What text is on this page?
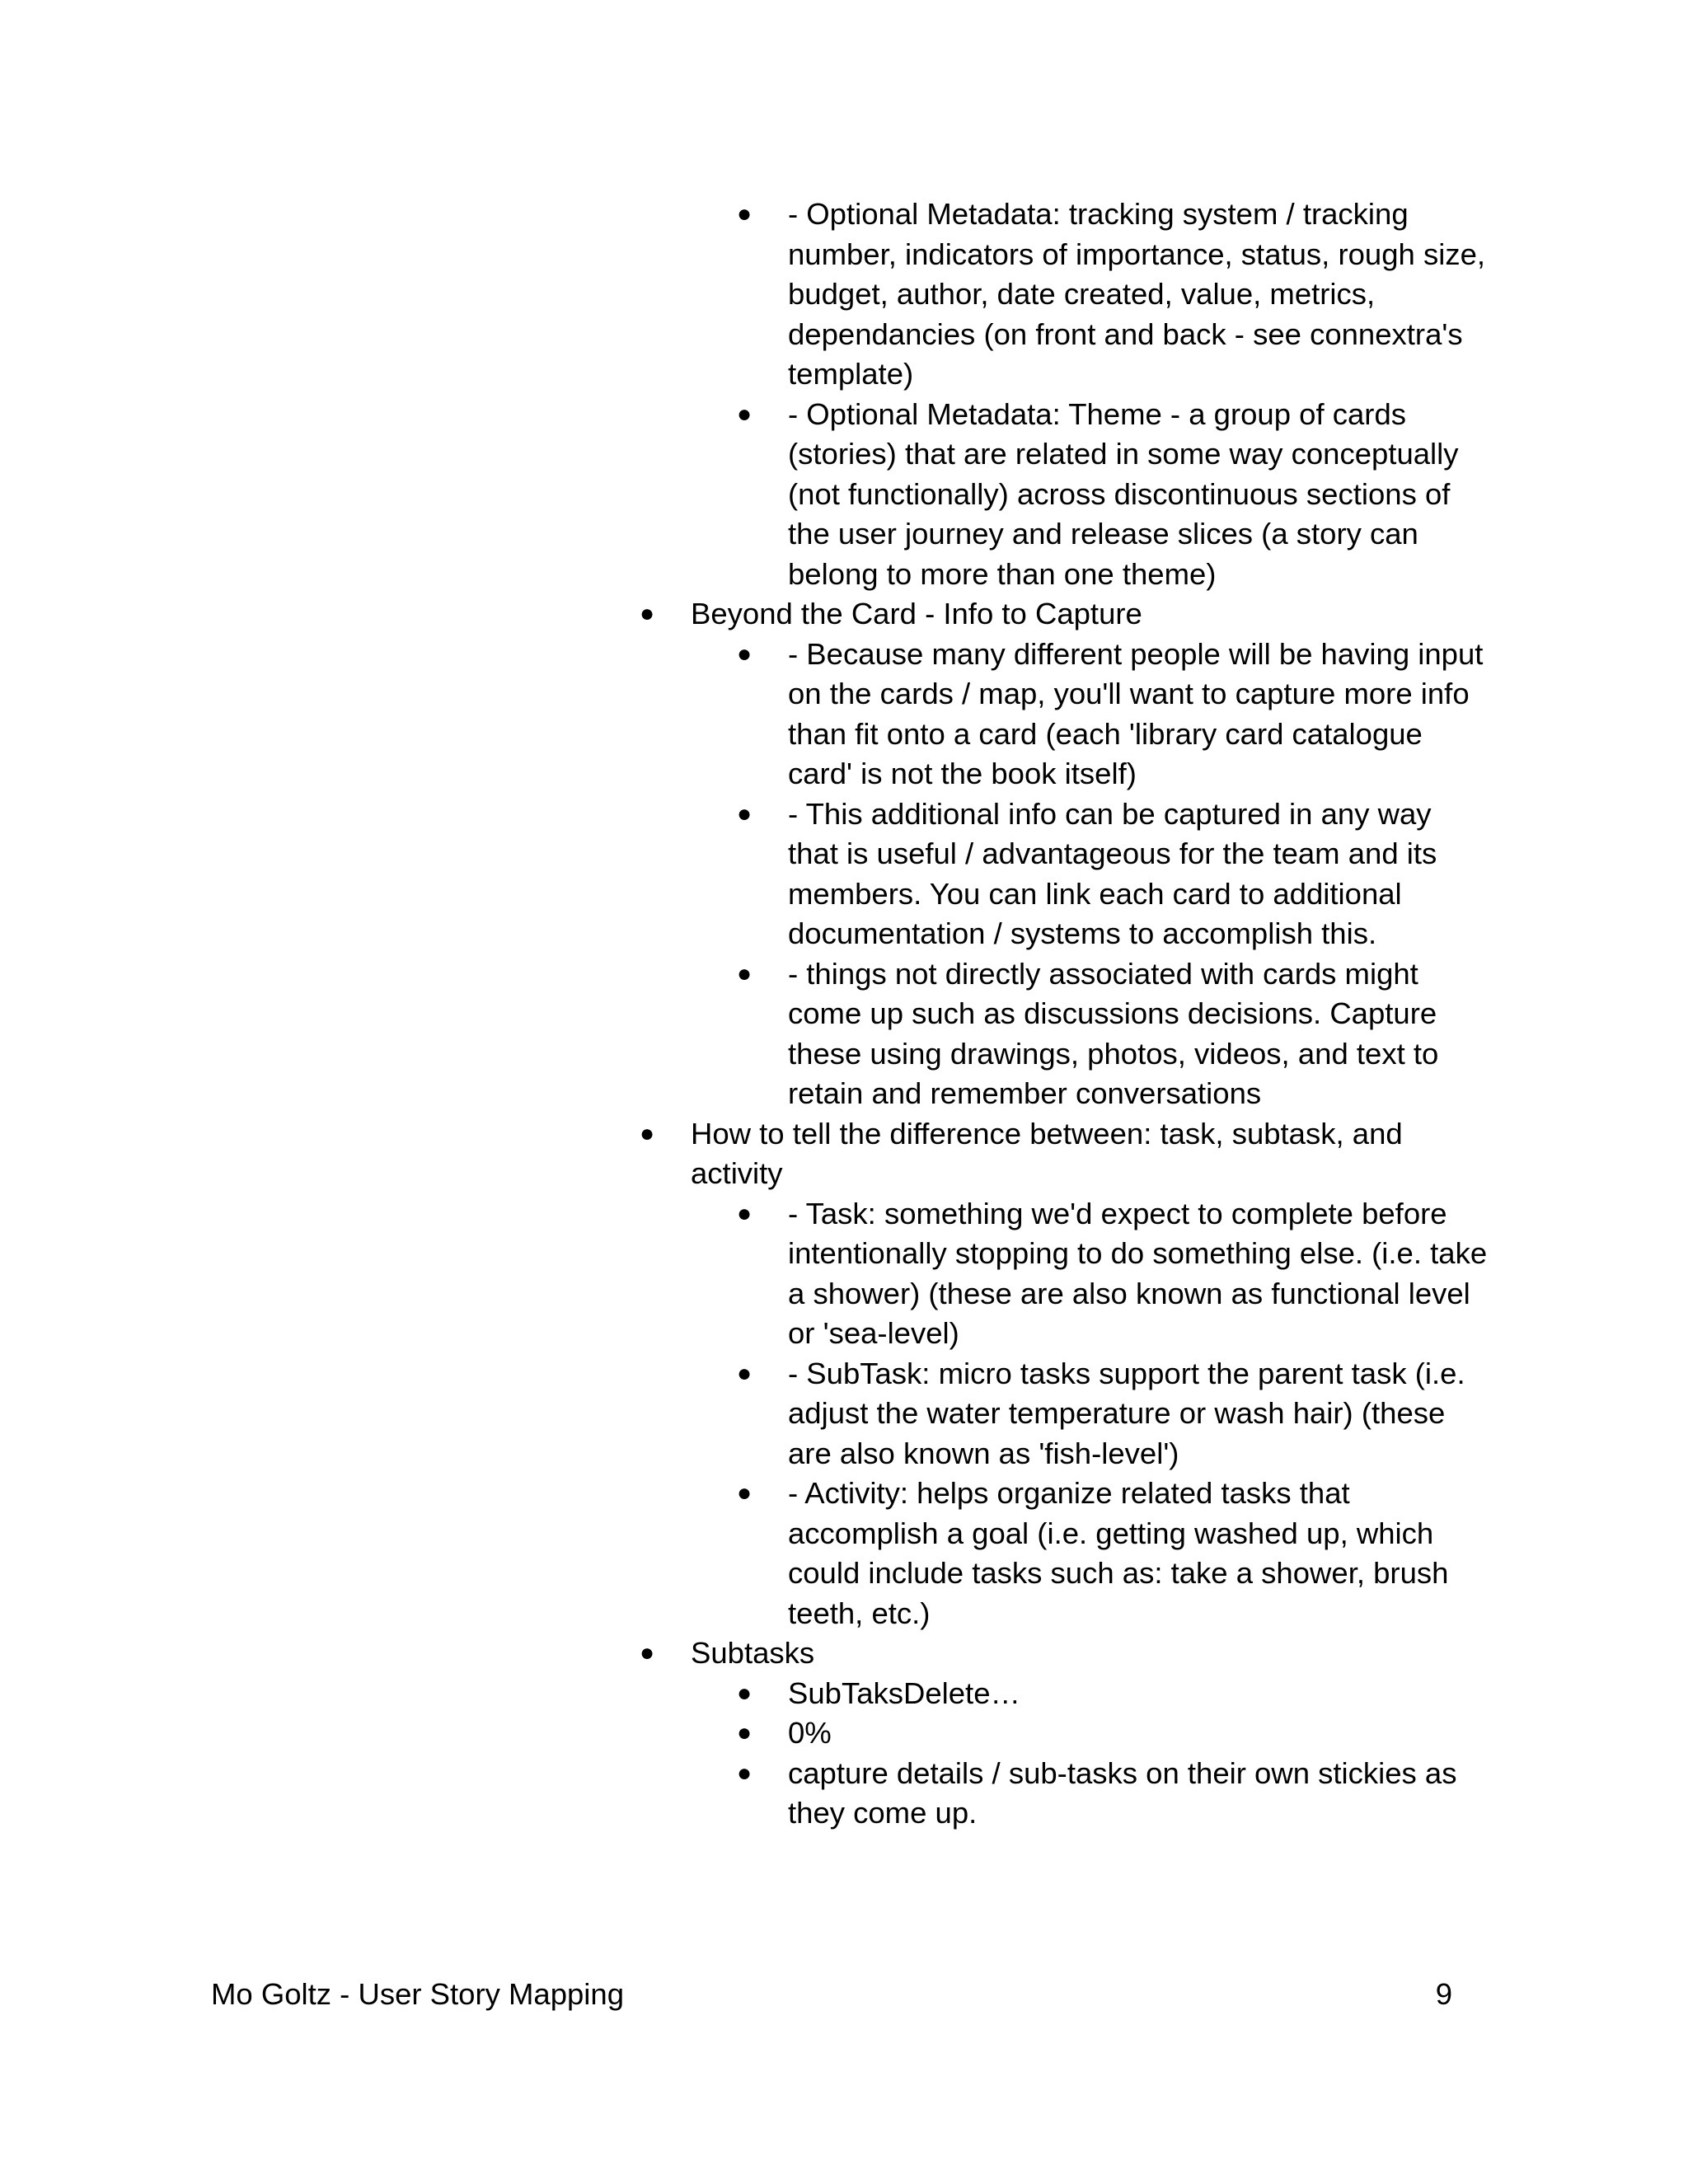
● - Optional Metadata: tracking system / tracking number, indicators of importance, status, rough size, budget, author, date created, value, metrics, dependancies (on front and back - see connextra's template)
● - Optional Metadata: Theme - a group of cards (stories) that are related in some way conceptually (not functionally) across discontinuous sections of the user journey and release slices (a story can belong to more than one theme)
● Beyond the Card - Info to Capture
● - Because many different people will be having input on the cards / map, you'll want to capture more info than fit onto a card (each 'library card catalogue card' is not the book itself)
● - This additional info can be captured in any way that is useful / advantageous for the team and its members. You can link each card to additional documentation / systems to accomplish this.
● - things not directly associated with cards might come up such as discussions decisions. Capture these using drawings, photos, videos, and text to retain and remember conversations
● How to tell the difference between: task, subtask, and activity
● - Task: something we'd expect to complete before intentionally stopping to do something else. (i.e. take a shower) (these are also known as functional level or 'sea-level)
● - SubTask: micro tasks support the parent task (i.e. adjust the water temperature or wash hair) (these are also known as 'fish-level')
● - Activity: helps organize related tasks that accomplish a goal (i.e. getting washed up, which could include tasks such as: take a shower, brush teeth, etc.)
● Subtasks
● SubTaksDelete…
● 0%
● capture details / sub-tasks on their own stickies as they come up.
Mo Goltz - User Story Mapping	9
